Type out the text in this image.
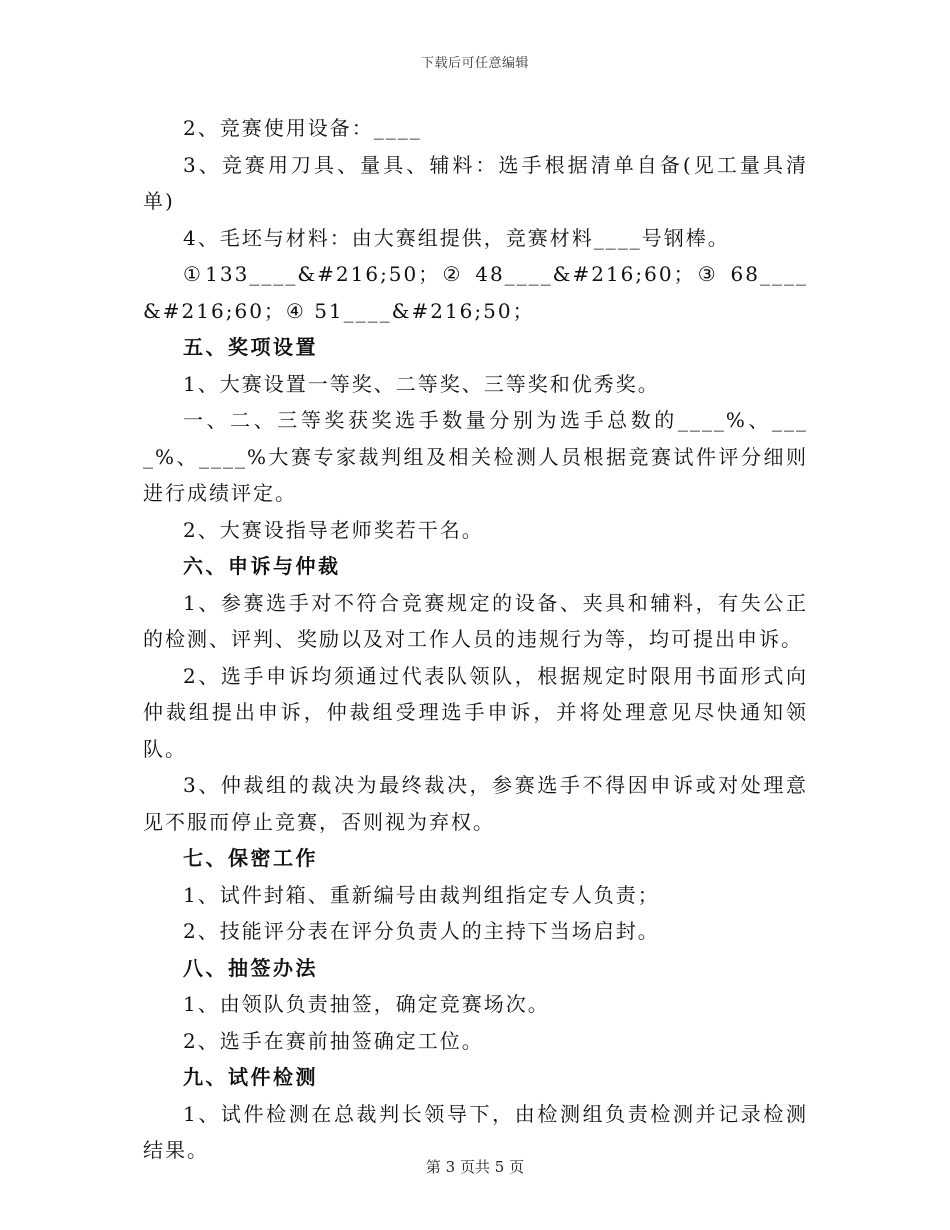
下载后可任意编辑

2、竞赛使用设备：____

3、竞赛用刀具、量具、辅料：选手根据清单自备(见工量具清单)

4、毛坯与材料：由大赛组提供，竞赛材料____号钢棒。

①133____&#216;50；② 48____&#216;60；③ 68____&#216;60；④ 51____&#216;50；

五、奖项设置

1、大赛设置一等奖、二等奖、三等奖和优秀奖。

一、二、三等奖获奖选手数量分别为选手总数的____%、____%、____%大赛专家裁判组及相关检测人员根据竞赛试件评分细则进行成绩评定。

2、大赛设指导老师奖若干名。

六、申诉与仲裁

1、参赛选手对不符合竞赛规定的设备、夹具和辅料，有失公正的检测、评判、奖励以及对工作人员的违规行为等，均可提出申诉。

2、选手申诉均须通过代表队领队，根据规定时限用书面形式向仲裁组提出申诉，仲裁组受理选手申诉，并将处理意见尽快通知领队。

3、仲裁组的裁决为最终裁决，参赛选手不得因申诉或对处理意见不服而停止竞赛，否则视为弃权。

七、保密工作

1、试件封箱、重新编号由裁判组指定专人负责；

2、技能评分表在评分负责人的主持下当场启封。

八、抽签办法

1、由领队负责抽签，确定竞赛场次。

2、选手在赛前抽签确定工位。

九、试件检测

1、试件检测在总裁判长领导下，由检测组负责检测并记录检测结果。

第 3 页共 5 页
